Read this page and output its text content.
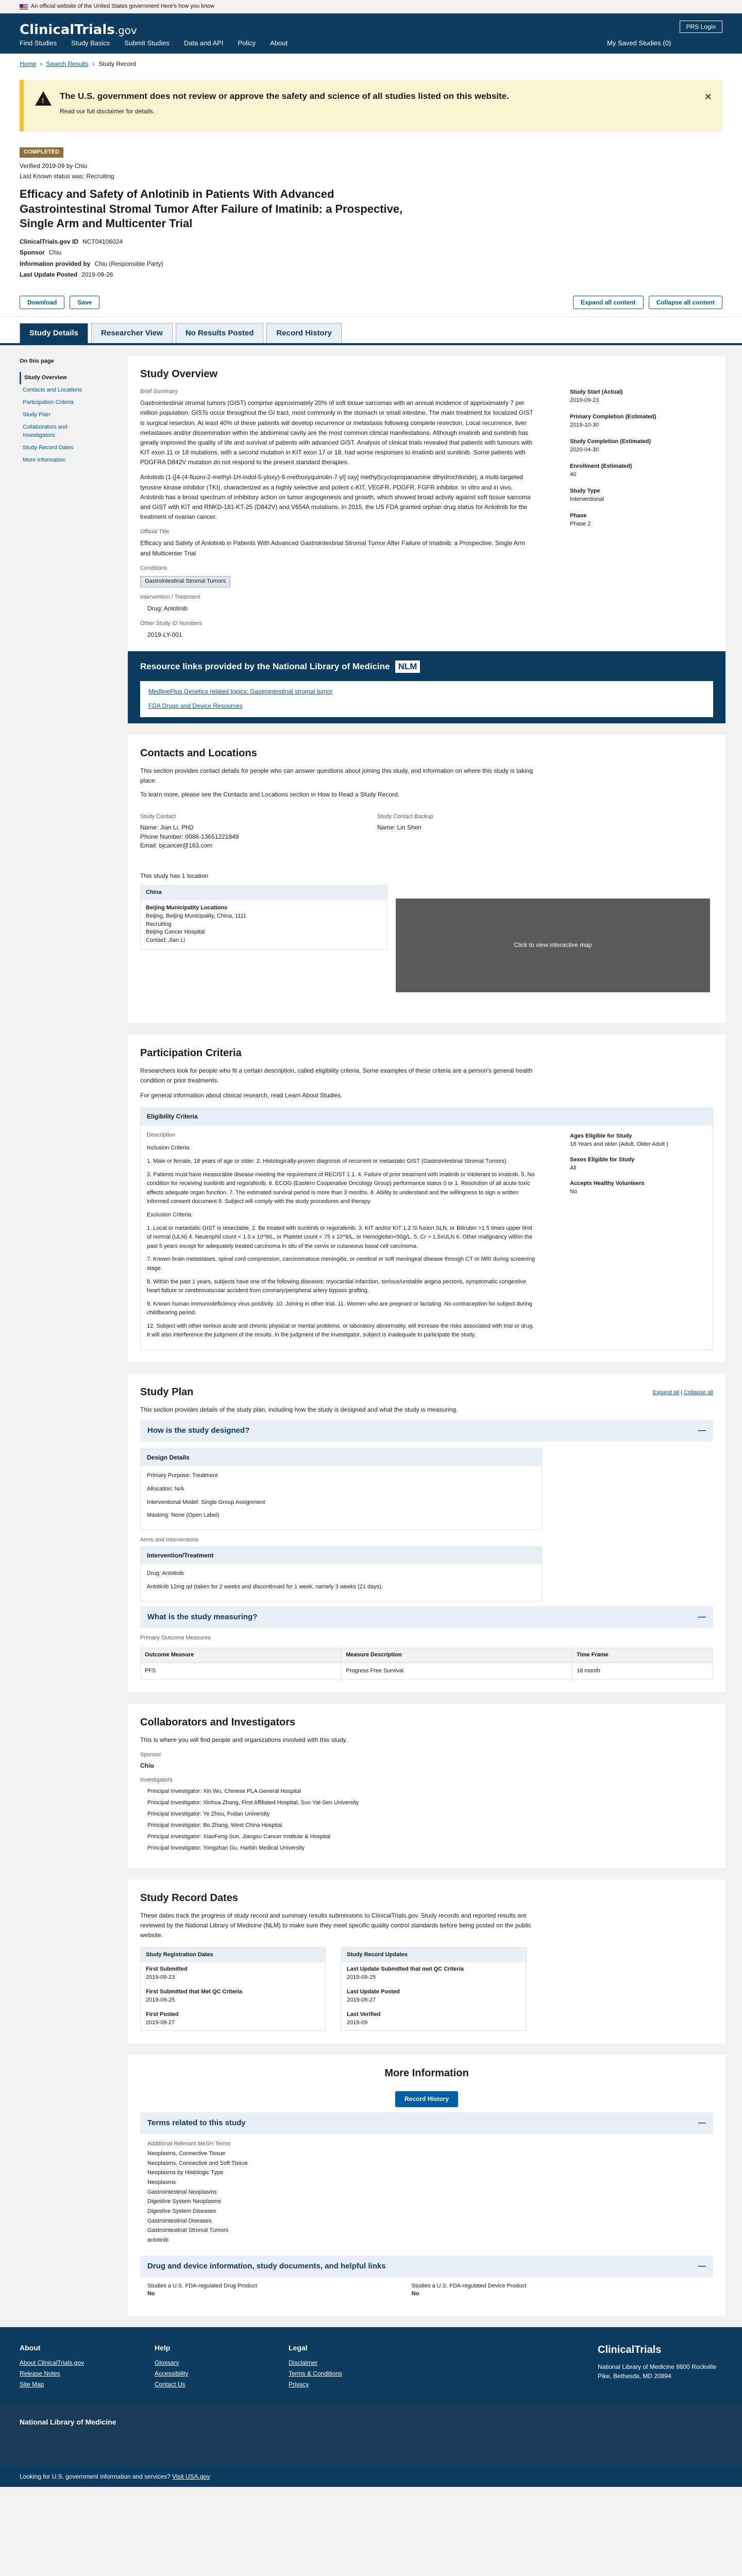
An official website of the United States government Here's how you know
ClinicalTrials.gov	PRS Login
Find Studies Study Basics Submit Studies Data and API Policy About	My Saved Studies (0)
Home › Search Results › Study Record
!
The U.S. government does not review or approve the safety and science of all studies listed on this website.

Read our full disclaimer for details.

✕
COMPLETED
Verified 2019-09 by Chiu
Last Known status was: Recruiting
Efficacy and Safety of Anlotinib in Patients With Advanced Gastrointestinal Stromal Tumor After Failure of Imatinib: a Prospective, Single Arm and Multicenter Trial
ClinicalTrials.gov ID NCT04106024
Sponsor Chiu
Information provided by Chiu (Responsible Party)
Last Update Posted 2019-09-26
Download	Save	Expand all content	Collapse all content
Study Details	Researcher View	No Results Posted	Record History
On this page
Study Overview
Contacts and Locations
Participation Criteria
Study Plan
Collaborators and Investigators
Study Record Dates
More Information
Study Overview
Brief Summary
Gastrointestinal stromal tumors (GIST) comprise approximately 20% of soft tissue sarcomas with an annual incidence of approximately 7 per million population. GISTs occur throughout the GI tract, most commonly in the stomach or small intestine. The main treatment for localized GIST is surgical resection. At least 40% of these patients will develop recurrence or metastasis following complete resection. Local recurrence, liver metastases and/or dissemination within the abdominal cavity are the most common clinical manifestations. Although imatinib and sunitinib has greatly improved the quality of life and survival of patients with advanced GIST. Analysis of clinical trials revealed that patients with tumours with KIT exon 11 or 18 mutations, with a second mutation in KIT exon 17 or 18, had worse responses to imatinib and sunitinib. Some patients with PDGFRA D842V mutation do not respond to the present standard therapies.
Anlotinib (1-[[4-(4-fluoro-2-methyl-1H-indol-5-yloxy)-6-methoxyquinolin-7-yl] oxy] methyl)cyclopropanamine dihydrochloride), a multi-targeted tyrosine kinase inhibitor (TKI), characterized as a highly selective and potent c-KIT, VEGFR, PDGFR, FGFR inhibitor. In vitro and in vivo, Anlotinib has a broad spectrum of inhibitory action on tumor angiogenesis and growth, which showed broad activity against soft tissue sarcoma and GIST with KIT and RNKD-181-KT-25 (D842V) and V654A mutations. In 2015, the US FDA granted orphan drug status for Anlotinib for the treatment of ovarian cancer.
Official Title
Efficacy and Safety of Anlotinib in Patients With Advanced Gastrointestinal Stromal Tumor After Failure of Imatinib: a Prospective, Single Arm and Multicenter Trial
Conditions
Gastrointestinal Stromal Tumors
Intervention / Treatment
Drug: Anlotinib
Other Study ID Numbers
2019-LY-001
Study Start (Actual)
2019-09-23
Primary Completion (Estimated)
2019-10-30
Study Completion (Estimated)
2020-04-30
Enrollment (Estimated)
40
Study Type
Interventional
Phase
Phase 2
Resource links provided by the National Library of Medicine NLM
MedlinePlus Genetics related topics: Gastrointestinal stromal tumor
FDA Drugs and Device Resources
Contacts and Locations
This section provides contact details for people who can answer questions about joining this study, and information on where this study is taking place.
To learn more, please see the Contacts and Locations section in How to Read a Study Record.
Study Contact
Name: Jian Li, PhD
Phone Number: 0086-13651221849
Email: bjcancer@163.com
Study Contact Backup
Name: Lin Shen
This study has 1 location
China
Beijing Municipality Locations
Beijing, Beijing Municipality, China, 1111
Recruiting
Beijing Cancer Hospital
Contact: Jian Li
Click to view interactive map
Participation Criteria
Researchers look for people who fit a certain description, called eligibility criteria. Some examples of these criteria are a person's general health condition or prior treatments.
For general information about clinical research, read Learn About Studies.
Eligibility Criteria

Description

Inclusion Criteria:

1. Male or female, 18 years of age or older. 2. Histologically-proven diagnosis of recurrent or metastatic GIST (Gastrointestinal Stromal Tumors).

3. Patients must have measurable disease meeting the requirement of RECIST 1.1. 4. Failure of prior treatment with imatinib or intolerant to imatinib. 5. No condition for receiving sunitinib and regorafenib. 6. ECOG (Eastern Cooperative Oncology Group) performance status 0 or 1. Resolution of all acute toxic effects adequate organ function. 7. The estimated survival period is more than 3 months. 8. Ability to understand and the willingness to sign a written informed consent document 9. Subject will comply with the study procedures and therapy.

Exclusion Criteria:

1. Local or metastatic GIST is resectable. 2. Be treated with sunitinib or regorafenib. 3. KIT and/or KIT 1.2 Si fusion SLN, or Bilirubin >1.5 times upper limit of normal (ULN) 4. Neutrophil count < 1.5 x 10^9/L, or Platelet count < 75 x 10^9/L, or Hemoglobin<90g/L. 5. Cr > 1.5xULN 6. Other malignancy within the past 5 years except for adequately treated carcinoma in situ of the cervix or cutaneous basal cell carcinoma.

7. Known brain metastases, spinal cord compression, carcinomatous meningitis, or cerebral or soft meningeal disease through CT or MRI during screening stage.

8. Within the past 1 years, subjects have one of the following diseases: myocardial infarction, serious/unstable angina pectoris, symptomatic congestive heart failure or cerebrovascular accident from coronary/peripheral artery bypass grafting.

9. Known human immunodeficiency virus positivity. 10. Joining in other trial. 11. Women who are pregnant or lactating. No contraception for subject during childbearing period.

12. Subject with other serious acute and chronic physical or mental problems, or laboratory abnormality, will increase the risks associated with trial or drug. It will also interference the judgment of the results. In the judgment of the investigator, subject is inadequate to participate the study.

Ages Eligible for Study
18 Years and older (Adult, Older Adult )
Sexes Eligible for Study
All
Accepts Healthy Volunteers
No
Study Plan
This section provides details of the study plan, including how the study is designed and what the study is measuring.
Expand all | Collapse all
How is the study designed? —
Design Details

Primary Purpose: Treatment

Allocation: N/A

Interventional Model: Single Group Assignment

Masking: None (Open Label)

Arms and Interventions
Intervention/Treatment

Drug: Anlotinib

Anlotinib 12mg qd (taken for 2 weeks and discontinued for 1 week, namely 3 weeks (21 days).

What is the study measuring? —
Primary Outcome Measures
Outcome Measure	Measure Description	Time Frame
PFS	Progress Free Survival	18 month
Collaborators and Investigators
This is where you will find people and organizations involved with this study.
Sponsor
Chiu
Investigators
Principal Investigator: Xin Wu, Chinese PLA General Hospital
Principal Investigator: Xinhua Zhang, First Affiliated Hospital, Sun Yat-Sen University
Principal Investigator: Ye Zhou, Fudan University
Principal Investigator: Bo Zhang, West China Hospital
Principal Investigator: XiaoFeng Sun, Jiangsu Cancer Institute & Hospital
Principal Investigator: Yongzhan Gu, Harbin Medical University
Study Record Dates
These dates track the progress of study record and summary results submissions to ClinicalTrials.gov. Study records and reported results are reviewed by the National Library of Medicine (NLM) to make sure they meet specific quality control standards before being posted on the public website.
Study Registration Dates
First Submitted
2019-09-23
First Submitted that Met QC Criteria
2019-09-25
First Posted
2019-09-27
Study Record Updates
Last Update Submitted that met QC Criteria
2019-09-25
Last Update Posted
2019-09-27
Last Verified
2019-09
More Information
Record History
Terms related to this study —
Additional Relevant MeSH Terms
Neoplasms, Connective Tissue
Neoplasms, Connective and Soft Tissue
Neoplasms by Histologic Type
Neoplasms
Gastrointestinal Neoplasms
Digestive System Neoplasms
Digestive System Diseases
Gastrointestinal Diseases
Gastrointestinal Stromal Tumors
anlotinib
Drug and device information, study documents, and helpful links —
Studies a U.S. FDA-regulated Drug Product
No
Studies a U.S. FDA-regulated Device Product
No
About
About ClinicalTrials.gov
Release Notes
Site Map
Help
Glossary
Accessibility
Contact Us
Legal
Disclaimer
Terms & Conditions
Privacy
ClinicalTrials
National Library of Medicine 8600 Rockville Pike, Bethesda, MD 20894
National Library of Medicine
Looking for U.S. government information and services? Visit USA.gov
